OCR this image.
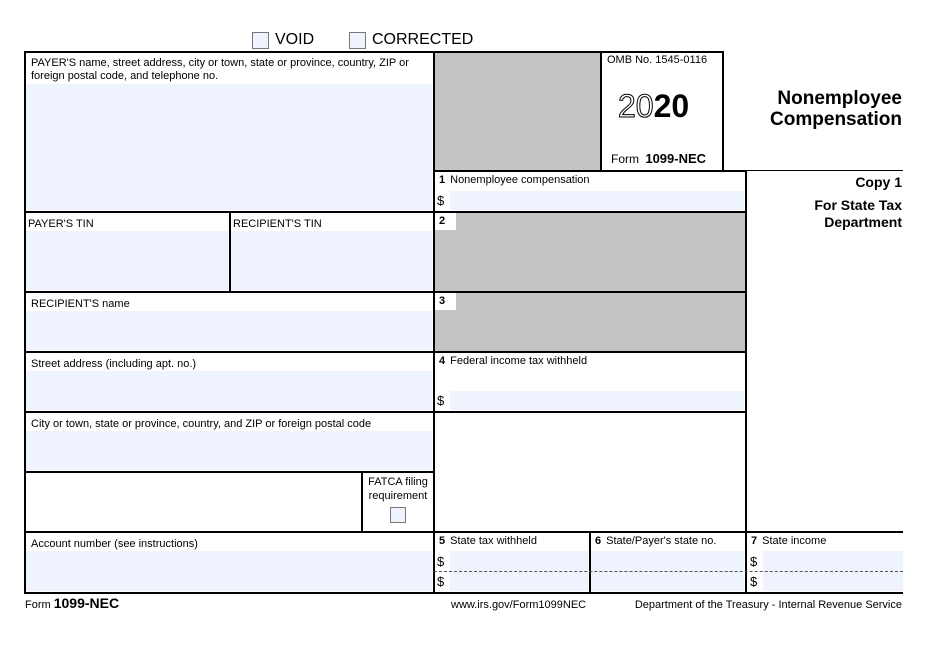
VOID	CORRECTED
PAYER'S name, street address, city or town, state or province, country, ZIP or foreign postal code, and telephone no.
PAYER'S TIN	RECIPIENT'S TIN
RECIPIENT'S name
Street address (including apt. no.)
City or town, state or province, country, and ZIP or foreign postal code
FATCA filing requirement
Account number (see instructions)
OMB No. 1545-0116
2020
Form 1099-NEC
Nonemployee
Compensation
Copy 1
For State Tax
Department
1 Nonemployee compensation
$
2
3
4 Federal income tax withheld
$
5 State tax withheld
$
$
6 State/Payer's state no.	7 State income
$
$
Form 1099-NEC	www.irs.gov/Form1099NEC	Department of the Treasury - Internal Revenue Service
